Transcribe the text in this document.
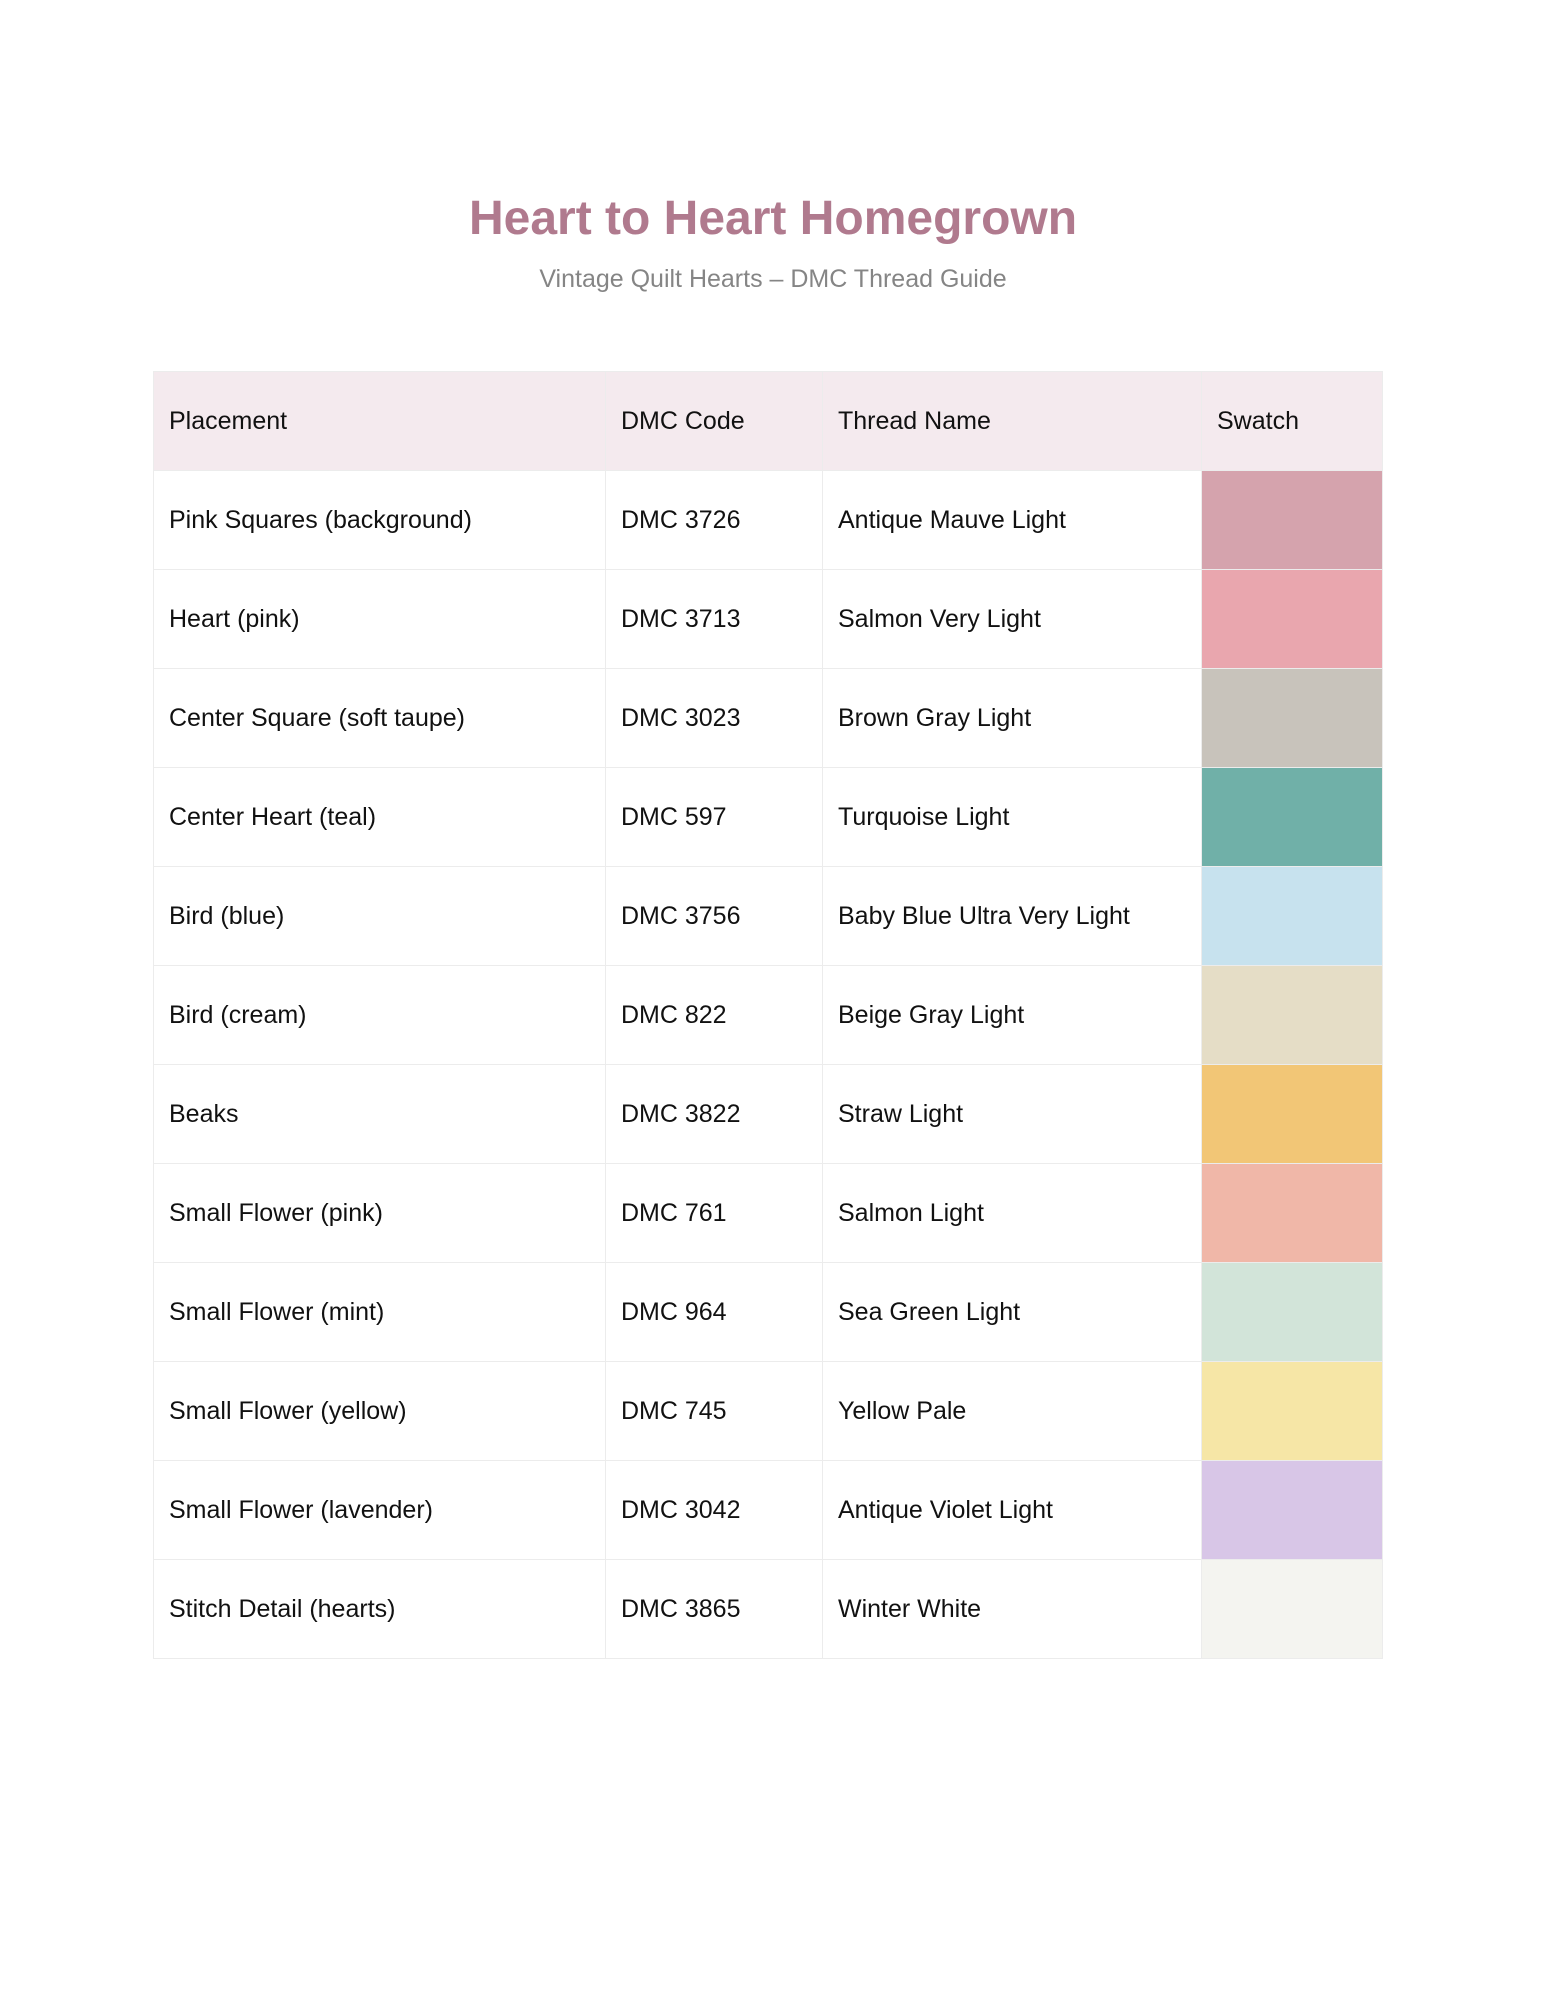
Heart to Heart Homegrown

Vintage Quilt Hearts – DMC Thread Guide

Placement	DMC Code	Thread Name	Swatch
Pink Squares (background)	DMC 3726	Antique Mauve Light	
Heart (pink)	DMC 3713	Salmon Very Light	
Center Square (soft taupe)	DMC 3023	Brown Gray Light	
Center Heart (teal)	DMC 597	Turquoise Light	
Bird (blue)	DMC 3756	Baby Blue Ultra Very Light	
Bird (cream)	DMC 822	Beige Gray Light	
Beaks	DMC 3822	Straw Light	
Small Flower (pink)	DMC 761	Salmon Light	
Small Flower (mint)	DMC 964	Sea Green Light	
Small Flower (yellow)	DMC 745	Yellow Pale	
Small Flower (lavender)	DMC 3042	Antique Violet Light	
Stitch Detail (hearts)	DMC 3865	Winter White	
